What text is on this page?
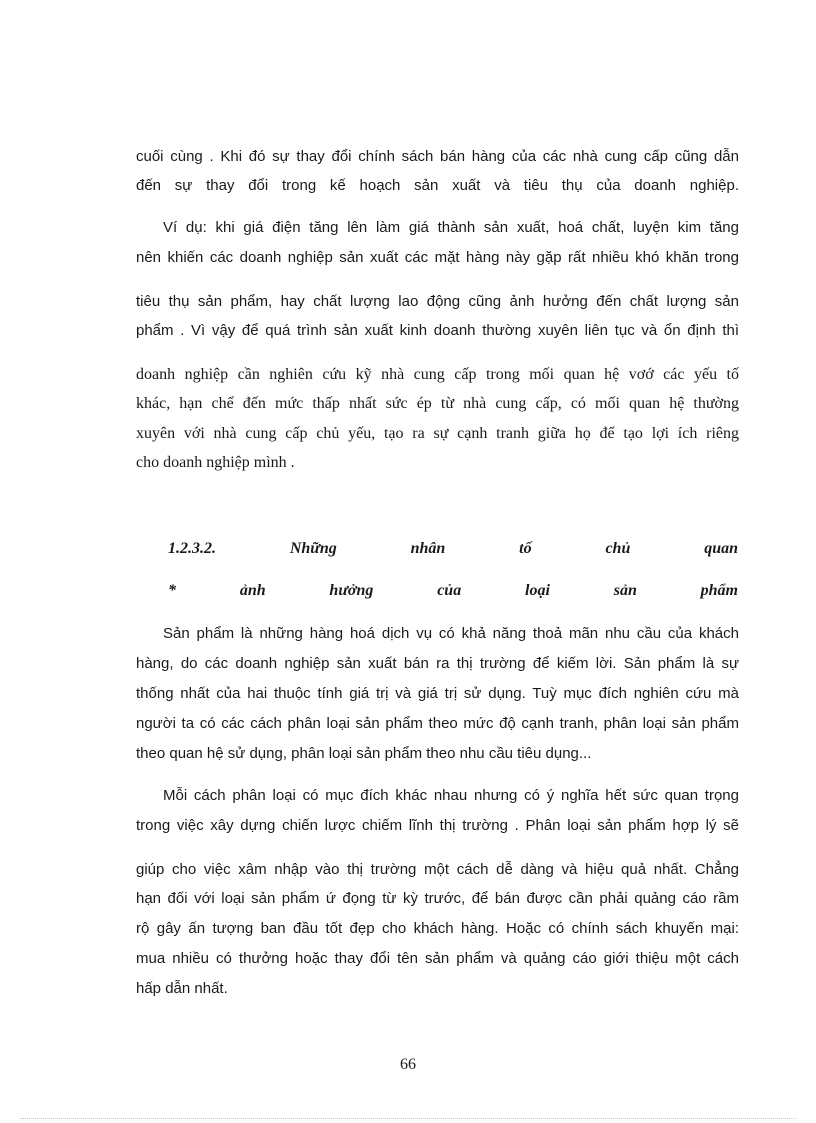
cuối cùng . Khi đó sự thay đổi chính sách bán hàng của các nhà cung cấp cũng dẫn
đến sự thay đổi trong kế hoạch sản xuất và tiêu thụ của doanh nghiệp.
Ví dụ: khi giá điện tăng lên làm giá thành sản xuất, hoá chất, luyện kim tăng
nên khiến các doanh nghiệp sản xuất các mặt hàng này gặp rất nhiều khó khăn trong
tiêu thụ sản phẩm, hay chất lượng lao động cũng ảnh hưởng đến chất lượng sản
phẩm . Vì vậy để quá trình sản xuất kinh doanh thường xuyên liên tục và ổn định thì
doanh nghiệp cần nghiên cứu kỹ nhà cung cấp trong mối quan hệ vơớ các yếu tố
khác, hạn chế đến mức thấp nhất sức ép từ nhà cung cấp, có mối quan hệ thường
xuyên với nhà cung cấp chủ yếu, tạo ra sự cạnh tranh giữa họ để tạo lợi ích riêng
cho doanh nghiệp mình .
1.2.3.2. Những nhân tố chủ quan
* ảnh hưởng của loại sản phẩm
Sản phẩm là những hàng hoá dịch vụ có khả năng thoả mãn nhu cầu của khách
hàng, do các doanh nghiệp sản xuất bán ra thị trường để kiếm lời. Sản phẩm là sự
thống nhất của hai thuộc tính giá trị và giá trị sử dụng. Tuỳ mục đích nghiên cứu mà
người ta có các cách phân loại sản phẩm theo mức độ cạnh tranh, phân loại sản phẩm
theo quan hệ sử dụng, phân loại sản phẩm theo nhu cầu tiêu dụng...
Mỗi cách phân loại có mục đích khác nhau nhưng có ý nghĩa hết sức quan trọng
trong việc xây dựng chiến lược chiếm lĩnh thị trường . Phân loại sản phẩm hợp lý sẽ
giúp cho việc xâm nhập vào thị trường một cách dễ dàng và hiệu quả nhất. Chẳng
hạn đối với loại sản phẩm ứ đọng từ kỳ trước, để bán được cần phải quảng cáo rầm
rộ gây ấn tượng ban đầu tốt đẹp cho khách hàng. Hoặc có chính sách khuyến mại:
mua nhiều có thưởng hoặc thay đổi tên sản phẩm và quảng cáo giới thiệu một cách
hấp dẫn nhất.
66
